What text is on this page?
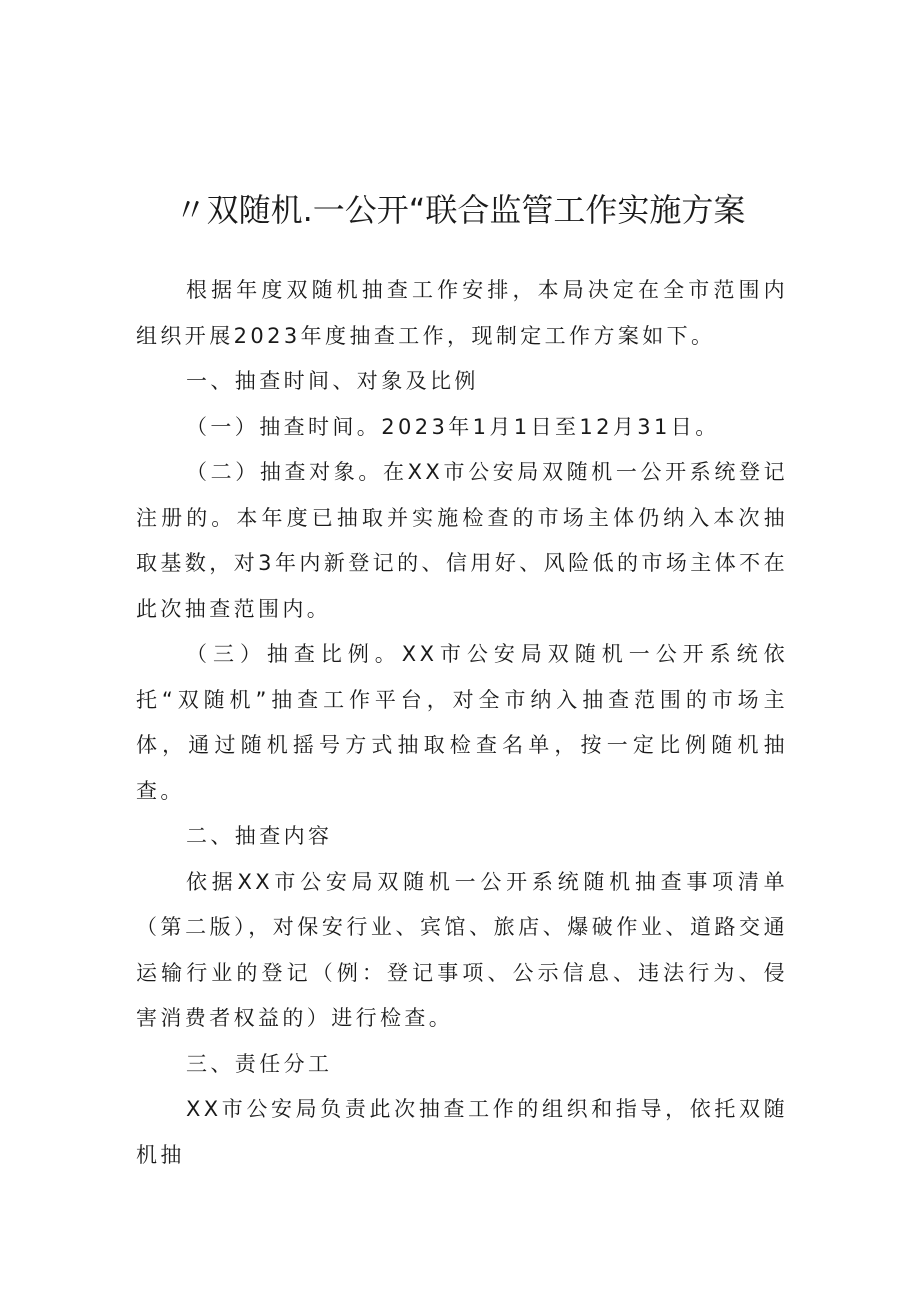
〃双随机.一公开“联合监管工作实施方案

根据年度双随机抽查工作安排，本局决定在全市范围内组织开展2023年度抽查工作，现制定工作方案如下。

一、抽查时间、对象及比例

（一）抽查时间。2023年1月1日至12月31日。

（二）抽查对象。在XX市公安局双随机一公开系统登记注册的。本年度已抽取并实施检查的市场主体仍纳入本次抽取基数，对3年内新登记的、信用好、风险低的市场主体不在此次抽查范围内。

（三）抽查比例。XX市公安局双随机一公开系统依托“双随机”抽查工作平台，对全市纳入抽查范围的市场主体，通过随机摇号方式抽取检查名单，按一定比例随机抽查。

二、抽查内容

依据XX市公安局双随机一公开系统随机抽查事项清单（第二版），对保安行业、宾馆、旅店、爆破作业、道路交通运输行业的登记（例：登记事项、公示信息、违法行为、侵害消费者权益的）进行检查。

三、责任分工

XX市公安局负责此次抽查工作的组织和指导，依托双随机抽
